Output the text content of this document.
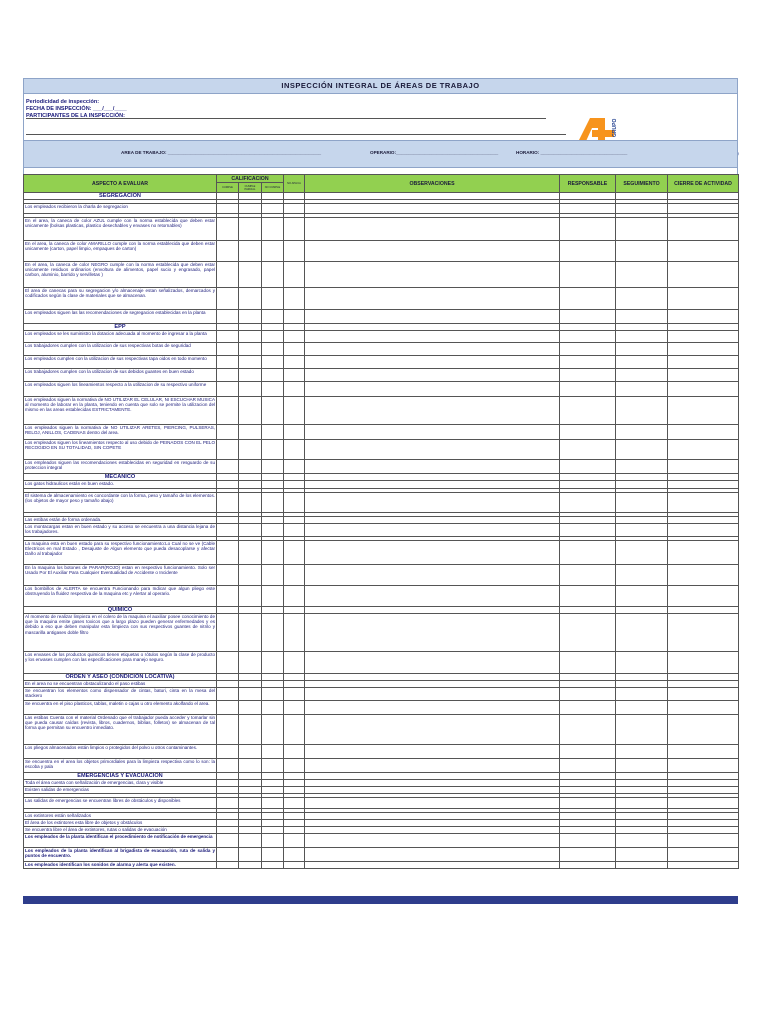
INSPECCIÓN INTEGRAL DE ÁREAS DE TRABAJO
Periodicidad de inspección:
FECHA DE INSPECCIÓN: ___/___/____
PARTICIPANTES DE LA INSPECCIÓN:
GRUPO
AREA DE TRABAJO: ____________________________________________________________	OPERARIO:________________________________________	HORARIO: __________________________________
ASPECTO A EVALUAR	CALIFICACION			NO APLICA	OBSERVACIONES	RESPONSABLE	SEGUIMIENTO	CIERRE DE ACTIVIDAD
	CUMPLE	CUMPLE PARCIAL	NO CUMPLE					
SEGREGACION								

Los empleados recibieron la charla de segregacion								

En el area, la caneca de color AZUL cumple con la norma establecida que deben estar unicamente (bolsas plasticas, plastico desechables y envases no retornables)								
En el area, la caneca de color AMARILLO cumple con la norma establecida que deben estar unicamente (carton, papel limpio, empaques de carton)								
En el area, la caneca de color NEGRO cumple con la norma establecida que deben estar unicamente residuos ordinarios (envoltura de alimentos, papel sucio y engrasado, papel carbon, aluminio, barrido y servilletas )								
El area de canecas para su segregacion y/o almacenaje estan señalizados, demarcados y codificados según la clase de materiales que se almacenan.								
Los empleados siguen las las recomendaciones de segregacion establecidas en la planta								
EPP								
Los empleados se les suministro la dotacion adecuada al momento de ingresar a la planta								
Los trabajadores cumplen con la utilizacion de sus respectivas botas de seguridad								
Los empleados cumplen con la utilizacion de sus respectivas tapa oidos en todo momento								
Los trabajadores cumplen con la utilizacion de sus debidos guantes en buen estado								
Los empleados siguen los lineamientos respecto a la utilizacion de su respectivo uniforme								
Los empleados siguen la normativa de NO UTILIZAR EL CELULAR, NI ESCUCHAR MUSICA al momento de laborar en la planta, teniendo en cuenta que solo se permite la utilizacion del mismo en las areas establecidas ESTRICTAMENTE.								
Los empleados siguen la normativa de NO UTILIZAR ARETES, PIERCING, PULSERAS, RELOJ, ANILLOS, CADENAS dentro del area.								
Los empleados siguen los lineamientos respecto al uso debido de PEINADOS CON EL PELO RECOGIDO EN SU TOTALIDAD, SIN COPETE								
Los empleados siguen las recomendaciones establecidas en seguridad en resguardo de su proteccion integral								
MECANICO								
Los gatos hidraulicos están en buen estado.								

El sistema de almacenamiento es concordante con la forma, peso y tamaño de los elementos. (los objetos de mayor peso y tamaño abajo)								

Las estibas están de forma ordenada.								
Los montacargas estan en buen estado y su acceso se encuentra a una distancia lejana de los trabajadores.								

La maquina esta en buen estado para su respectivo funcionamiento:Lo Cual no se ve (Cable Electricos en mal Estado , Desajuste de Algun elemento que pueda desacoplarse y afectar Daño al trabajador								
En la maquina los botones de PARAR(ROJO) estan en respectivo funcionamiento. Solo ser Usado Por El Auxiliar Para Cualquier Eventualidad de Accidente o Incidente								
Los bombillos de ALERTA se encuentra Funcionando para Indicar que algun pliego este obstruyendo la fluidez respectiva de la maquina etc y Alertar al operario.								
QUIMICO								
Al momento de realizar limpieza en el colero de la maquina el auxiliar posee conocimiento de que la maquina emite gases toxicos que a largo plazo pueden generar enfermedades y es debido a eso que deben manipular esta limpieza con sus respectivos guantes de nitrilo y mascarilla antigases doble filtro								
Los envases de los productos quimicos tienen etiquetas o rótulos según la clase de producto y los envases cumplen con las especificaciones para manejo seguro.								
ORDEN Y ASEO (CONDICIÓN LOCATIVA)								
En el area no se encuentran obstaculizando el paso estibas								
Se encuentran los elementos como dispensador de cintas, baturi, cinta en la mesa del stackero								
Se encuentra en el piso plasticos, tablas, maletin o cajas u otro elemento akolfando el area.								
Las estibas Cuenta con el material Ordenado que el trabajador pueda acceder y tomarlar sin que pueda causar caídas (revista, libros, cuadernos, biblias, folletos) se almacenan de tal forma que permitan su encuentro inmediato.								
Los pliegos almacenados están limpios o protegidos del polvo u otros contaminantes.								
Se encuentra en el area los objetos primordiales para la limpieza respectiva como lo son: la escoba y pala								
EMERGENCIAS Y EVACUACION								
Toda el área cuenta con señalización de emergencias, clara y visible								
Existen salidas de emergencias								

Las salidas de emergencias se encuentran libres de obstáculos y disponibles								

Los extintores están señalizados								
El área de los extintores esta libre de objetos y obstáculos								
Se encuentra libre el área de extintores, rutas o salidas de evacuación								
Los empleados de la planta identifican el procedimiento de notificación de emergencia								
Los empleados de la planta identifican al brigadista de evacuación, ruta de salida y puntos de encuentro.								
Los empleados identifican los sonidos de alarma y alerta que existen.								
